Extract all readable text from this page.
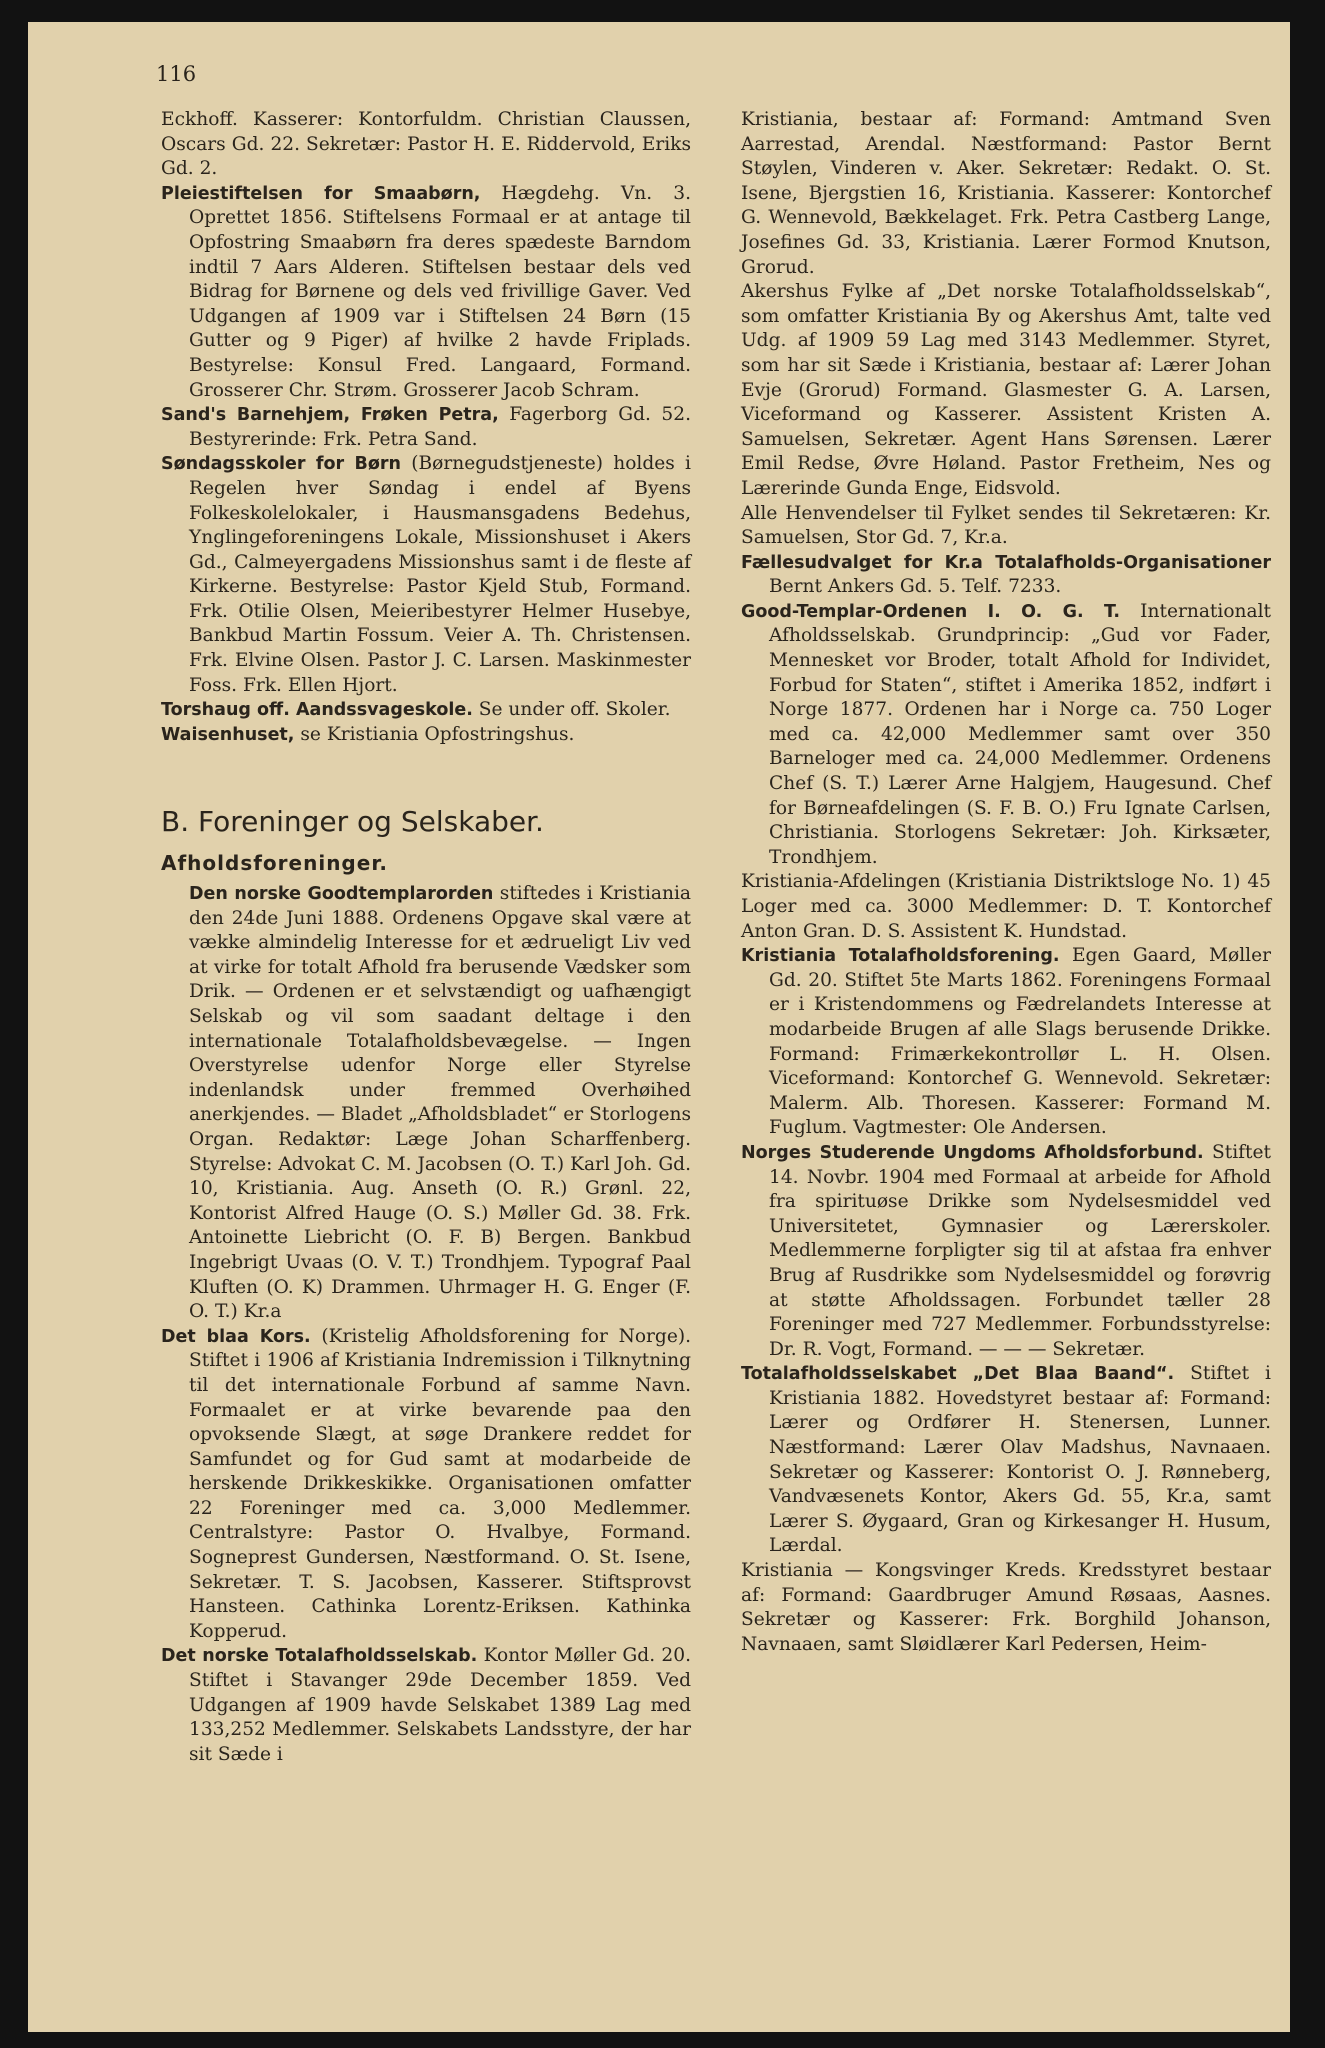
116

Eckhoff. Kasserer: Kontorfuldm. Christian Claussen, Oscars Gd. 22. Sekretær: Pastor H. E. Riddervold, Eriks Gd. 2.

Pleiestiftelsen for Smaabørn, Hægdehg. Vn. 3. Oprettet 1856. Stiftelsens Formaal er at antage til Opfostring Smaabørn fra deres spædeste Barndom indtil 7 Aars Alderen. Stiftelsen bestaar dels ved Bidrag for Børnene og dels ved frivillige Gaver. Ved Udgangen af 1909 var i Stiftelsen 24 Børn (15 Gutter og 9 Piger) af hvilke 2 havde Friplads. Bestyrelse: Konsul Fred. Langaard, Formand. Grosserer Chr. Strøm. Grosserer Jacob Schram.

Sand's Barnehjem, Frøken Petra, Fagerborg Gd. 52. Bestyrerinde: Frk. Petra Sand.

Søndagsskoler for Børn (Børnegudstjeneste) holdes i Regelen hver Søndag i endel af Byens Folkeskolelokaler, i Hausmansgadens Bedehus, Ynglingeforeningens Lokale, Missionshuset i Akers Gd., Calmeyergadens Missionshus samt i de fleste af Kirkerne. Bestyrelse: Pastor Kjeld Stub, Formand. Frk. Otilie Olsen, Meieribestyrer Helmer Husebye, Bankbud Martin Fossum. Veier A. Th. Christensen. Frk. Elvine Olsen. Pastor J. C. Larsen. Maskinmester Foss. Frk. Ellen Hjort.

Torshaug off. Aandssvageskole. Se under off. Skoler.

Waisenhuset, se Kristiania Opfostringshus.

B. Foreninger og Selskaber.

Afholdsforeninger.

Den norske Goodtemplarorden stiftedes i Kristiania den 24de Juni 1888. Ordenens Opgave skal være at vække almindelig Interesse for et ædrueligt Liv ved at virke for totalt Afhold fra berusende Vædsker som Drik. — Ordenen er et selvstændigt og uafhængigt Selskab og vil som saadant deltage i den internationale Totalafholdsbevægelse. — Ingen Overstyrelse udenfor Norge eller Styrelse indenlandsk under fremmed Overhøihed anerkjendes. — Bladet „Afholdsbladet“ er Storlogens Organ. Redaktør: Læge Johan Scharffenberg. Styrelse: Advokat C. M. Jacobsen (O. T.) Karl Joh. Gd. 10, Kristiania. Aug. Anseth (O. R.) Grønl. 22, Kontorist Alfred Hauge (O. S.) Møller Gd. 38. Frk. Antoinette Liebricht (O. F. B) Bergen. Bankbud Ingebrigt Uvaas (O. V. T.) Trondhjem. Typograf Paal Kluften (O. K) Drammen. Uhrmager H. G. Enger (F. O. T.) Kr.a

Det blaa Kors. (Kristelig Afholdsforening for Norge). Stiftet i 1906 af Kristiania Indremission i Tilknytning til det internationale Forbund af samme Navn. Formaalet er at virke bevarende paa den opvoksende Slægt, at søge Drankere reddet for Samfundet og for Gud samt at modarbeide de herskende Drikkeskikke. Organisationen omfatter 22 Foreninger med ca. 3,000 Medlemmer. Centralstyre: Pastor O. Hvalbye, Formand. Sogneprest Gundersen, Næstformand. O. St. Isene, Sekretær. T. S. Jacobsen, Kasserer. Stiftsprovst Hansteen. Cathinka Lorentz-Eriksen. Kathinka Kopperud.

Det norske Totalafholdsselskab. Kontor Møller Gd. 20. Stiftet i Stavanger 29de December 1859. Ved Udgangen af 1909 havde Selskabet 1389 Lag med 133,252 Medlemmer. Selskabets Landsstyre, der har sit Sæde i

Kristiania, bestaar af: Formand: Amtmand Sven Aarrestad, Arendal. Næstformand: Pastor Bernt Støylen, Vinderen v. Aker. Sekretær: Redakt. O. St. Isene, Bjergstien 16, Kristiania. Kasserer: Kontorchef G. Wennevold, Bækkelaget. Frk. Petra Castberg Lange, Josefines Gd. 33, Kristiania. Lærer Formod Knutson, Grorud.

Akershus Fylke af „Det norske Totalafholdsselskab“, som omfatter Kristiania By og Akershus Amt, talte ved Udg. af 1909 59 Lag med 3143 Medlemmer. Styret, som har sit Sæde i Kristiania, bestaar af: Lærer Johan Evje (Grorud) Formand. Glasmester G. A. Larsen, Viceformand og Kasserer. Assistent Kristen A. Samuelsen, Sekretær. Agent Hans Sørensen. Lærer Emil Redse, Øvre Høland. Pastor Fretheim, Nes og Lærerinde Gunda Enge, Eidsvold.

Alle Henvendelser til Fylket sendes til Sekretæren: Kr. Samuelsen, Stor Gd. 7, Kr.a.

Fællesudvalget for Kr.a Totalafholds-Organisationer Bernt Ankers Gd. 5. Telf. 7233.

Good-Templar-Ordenen I. O. G. T. Internationalt Afholdsselskab. Grundprincip: „Gud vor Fader, Mennesket vor Broder, totalt Afhold for Individet, Forbud for Staten“, stiftet i Amerika 1852, indført i Norge 1877. Ordenen har i Norge ca. 750 Loger med ca. 42,000 Medlemmer samt over 350 Barneloger med ca. 24,000 Medlemmer. Ordenens Chef (S. T.) Lærer Arne Halgjem, Haugesund. Chef for Børneafdelingen (S. F. B. O.) Fru Ignate Carlsen, Christiania. Storlogens Sekretær: Joh. Kirksæter, Trondhjem.

Kristiania-Afdelingen (Kristiania Distriktsloge No. 1) 45 Loger med ca. 3000 Medlemmer: D. T. Kontorchef Anton Gran. D. S. Assistent K. Hundstad.

Kristiania Totalafholdsforening. Egen Gaard, Møller Gd. 20. Stiftet 5te Marts 1862. Foreningens Formaal er i Kristendommens og Fædrelandets Interesse at modarbeide Brugen af alle Slags berusende Drikke. Formand: Frimærkekontrollør L. H. Olsen. Viceformand: Kontorchef G. Wennevold. Sekretær: Malerm. Alb. Thoresen. Kasserer: Formand M. Fuglum. Vagtmester: Ole Andersen.

Norges Studerende Ungdoms Afholdsforbund. Stiftet 14. Novbr. 1904 med Formaal at arbeide for Afhold fra spirituøse Drikke som Nydelsesmiddel ved Universitetet, Gymnasier og Lærerskoler. Medlemmerne forpligter sig til at afstaa fra enhver Brug af Rusdrikke som Nydelsesmiddel og forøvrig at støtte Afholdssagen. Forbundet tæller 28 Foreninger med 727 Medlemmer. Forbundsstyrelse: Dr. R. Vogt, Formand. — — — Sekretær.

Totalafholdsselskabet „Det Blaa Baand“. Stiftet i Kristiania 1882. Hovedstyret bestaar af: Formand: Lærer og Ordfører H. Stenersen, Lunner. Næstformand: Lærer Olav Madshus, Navnaaen. Sekretær og Kasserer: Kontorist O. J. Rønneberg, Vandvæsenets Kontor, Akers Gd. 55, Kr.a, samt Lærer S. Øygaard, Gran og Kirkesanger H. Husum, Lærdal.

Kristiania — Kongsvinger Kreds. Kredsstyret bestaar af: Formand: Gaardbruger Amund Røsaas, Aasnes. Sekretær og Kasserer: Frk. Borghild Johanson, Navnaaen, samt Sløidlærer Karl Pedersen, Heim-
